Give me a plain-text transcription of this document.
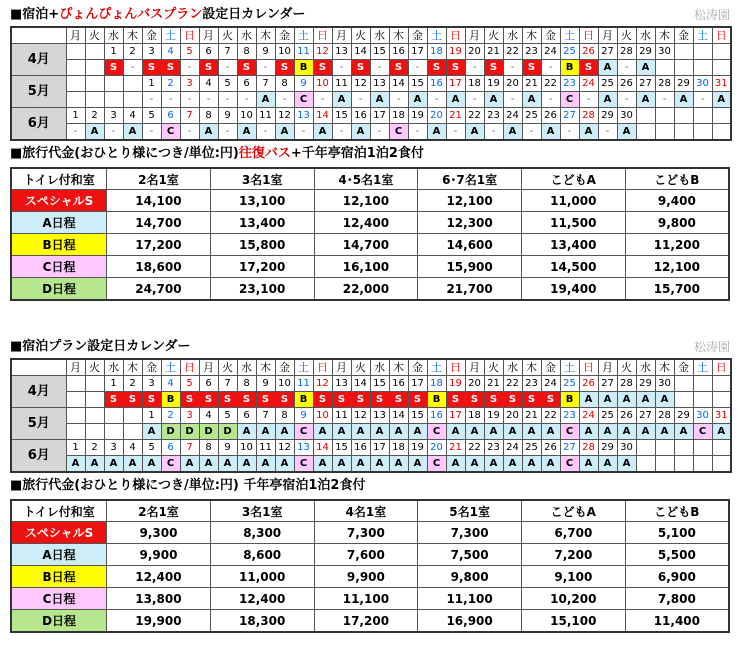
■宿泊+ぴょんぴょんバスプラン設定日カレンダー	松涛園
	月	火	水	木	金	土	日	月	火	水	木	金	土	日	月	火	水	木	金	土	日	月	火	水	木	金	土	日	月	火	水	木	金	土	日
4月			1	2	3	4	5	6	7	8	9	10	11	12	13	14	15	16	17	18	19	20	21	22	23	24	25	26	27	28	29	30			
			S	-	S	S	-	S	-	S	-	S	B	S	-	S	-	S	-	S	S	-	S	-	S	-	B	S	A	-	A				
5月					1	2	3	4	5	6	7	8	9	10	11	12	13	14	15	16	17	18	19	20	21	22	23	24	25	26	27	28	29	30	31
					-	-	-	-	-	-	A	-	C	-	A	-	A	-	A	-	A	-	A	-	A	-	C	-	A	-	A	-	A	-	A
6月	1	2	3	4	5	6	7	8	9	10	11	12	13	14	15	16	17	18	19	20	21	22	23	24	25	26	27	28	29	30					
	-	A	-	A	-	C	-	A	-	A	-	A	-	A	-	A	-	C	-	A	-	A	-	A	-	A	-	A	-	A					
■旅行代金(おひとり様につき/単位:円)往復バス+千年亭宿泊1泊2食付
トイレ付和室	2名1室	3名1室	4･5名1室	6･7名1室	こどもA	こどもB
スペシャルS	14,100	13,100	12,100	12,100	11,000	9,400
A日程	14,700	13,400	12,400	12,300	11,500	9,800
B日程	17,200	15,800	14,700	14,600	13,400	11,200
C日程	18,600	17,200	16,100	15,900	14,500	12,100
D日程	24,700	23,100	22,000	21,700	19,400	15,700
■宿泊プラン設定日カレンダー	松涛園
	月	火	水	木	金	土	日	月	火	水	木	金	土	日	月	火	水	木	金	土	日	月	火	水	木	金	土	日	月	火	水	木	金	土	日
4月			1	2	3	4	5	6	7	8	9	10	11	12	13	14	15	16	17	18	19	20	21	22	23	24	25	26	27	28	29	30			
			S	S	S	B	S	S	S	S	S	S	B	S	S	S	S	S	S	B	S	S	S	S	S	S	B	A	A	A	A	A			
5月					1	2	3	4	5	6	7	8	9	10	11	12	13	14	15	16	17	18	19	20	21	22	23	24	25	26	27	28	29	30	31
					A	D	D	D	D	A	A	A	C	A	A	A	A	A	A	C	A	A	A	A	A	A	C	A	A	A	A	A	A	C	A
6月	1	2	3	4	5	6	7	8	9	10	11	12	13	14	15	16	17	18	19	20	21	22	23	24	25	26	27	28	29	30					
	A	A	A	A	A	C	A	A	A	A	A	A	C	A	A	A	A	A	A	C	A	A	A	A	A	A	C	A	A	A					
■旅行代金(おひとり様につき/単位:円) 千年亭宿泊1泊2食付
トイレ付和室	2名1室	3名1室	4名1室	5名1室	こどもA	こどもB
スペシャルS	9,300	8,300	7,300	7,300	6,700	5,100
A日程	9,900	8,600	7,600	7,500	7,200	5,500
B日程	12,400	11,000	9,900	9,800	9,100	6,900
C日程	13,800	12,400	11,100	11,100	10,200	7,800
D日程	19,900	18,300	17,200	16,900	15,100	11,400
